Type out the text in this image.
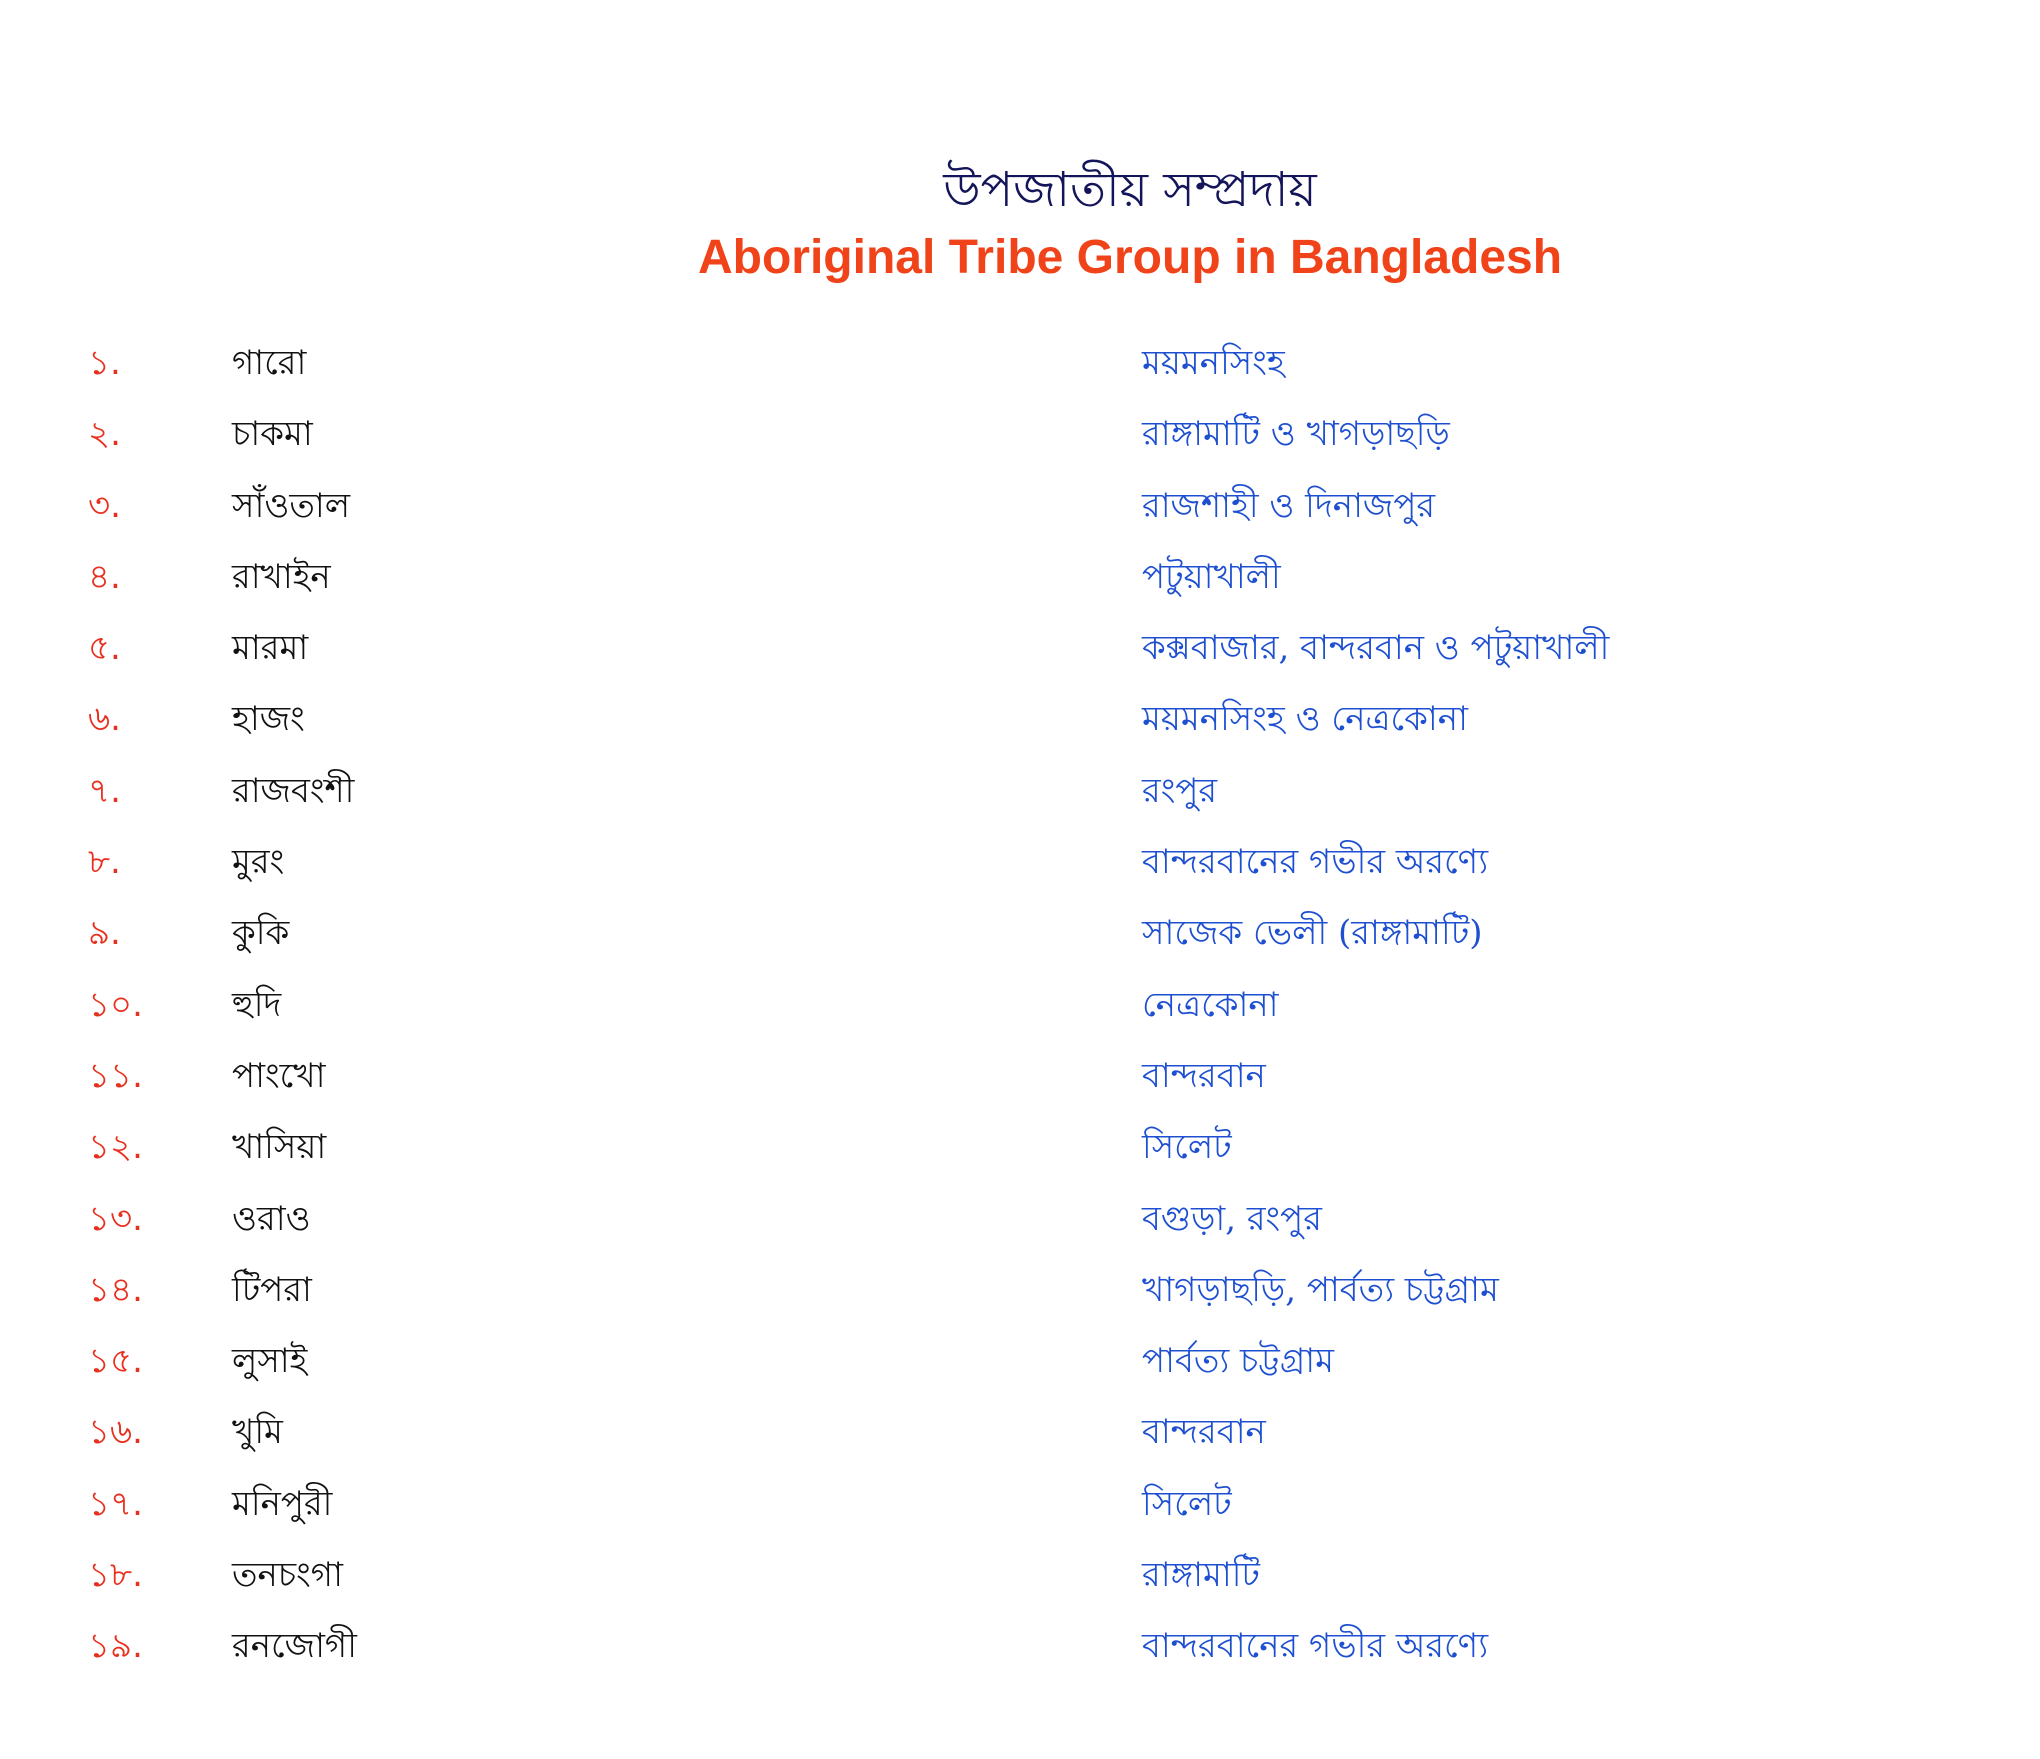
উপজাতীয় সম্প্রদায়
Aboriginal Tribe Group in Bangladesh
১.	গারো	ময়মনসিংহ
২.	চাকমা	রাঙ্গামাটি ও খাগড়াছড়ি
৩.	সাঁওতাল	রাজশাহী ও দিনাজপুর
৪.	রাখাইন	পটুয়াখালী
৫.	মারমা	কক্সবাজার, বান্দরবান ও পটুয়াখালী
৬.	হাজং	ময়মনসিংহ ও নেত্রকোনা
৭.	রাজবংশী	রংপুর
৮.	মুরং	বান্দরবানের গভীর অরণ্যে
৯.	কুকি	সাজেক ভেলী (রাঙ্গামাটি)
১০.	হুদি	নেত্রকোনা
১১.	পাংখো	বান্দরবান
১২.	খাসিয়া	সিলেট
১৩.	ওরাও	বগুড়া, রংপুর
১৪.	টিপরা	খাগড়াছড়ি, পার্বত্য চট্টগ্রাম
১৫.	লুসাই	পার্বত্য চট্টগ্রাম
১৬.	খুমি	বান্দরবান
১৭.	মনিপুরী	সিলেট
১৮.	তনচংগা	রাঙ্গামাটি
১৯.	রনজোগী	বান্দরবানের গভীর অরণ্যে
